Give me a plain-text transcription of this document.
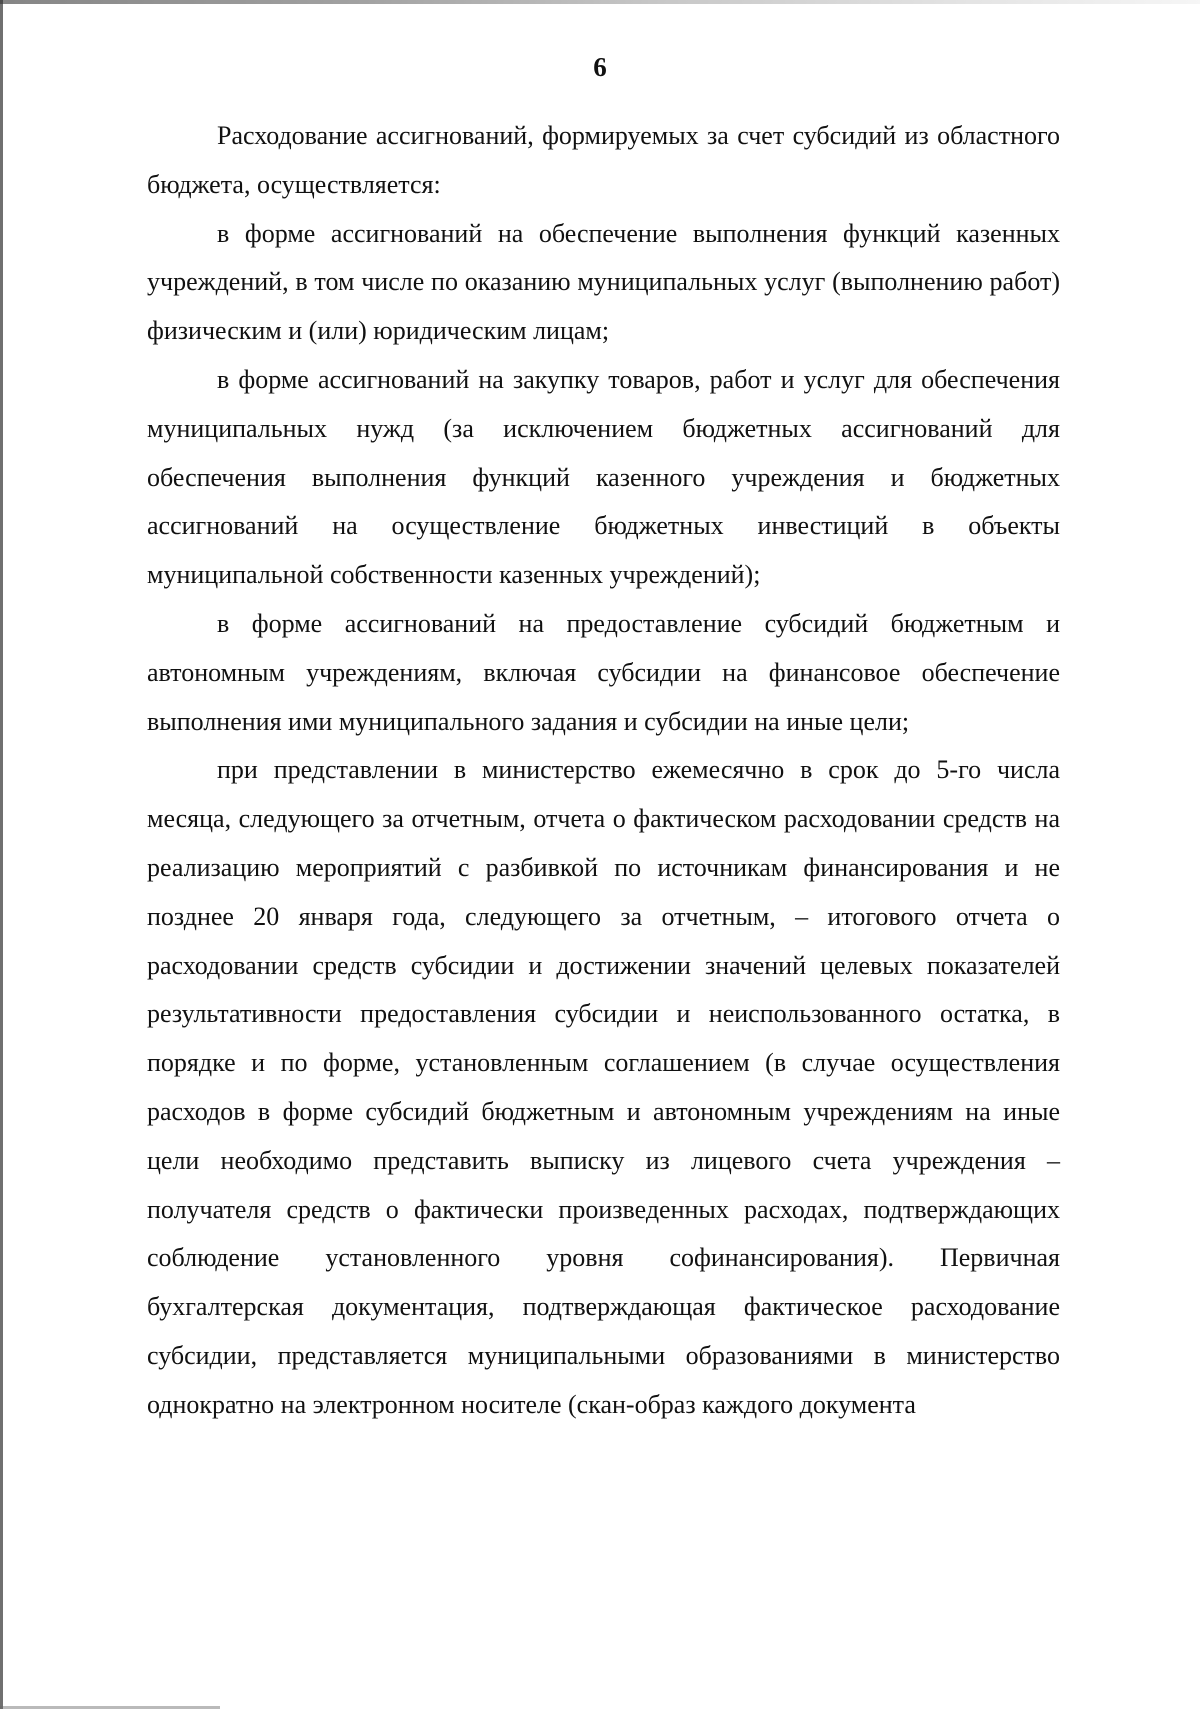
6

Расходование ассигнований, формируемых за счет субсидий из областного бюджета, осуществляется:

в форме ассигнований на обеспечение выполнения функций казенных учреждений, в том числе по оказанию муниципальных услуг (выполнению работ) физическим и (или) юридическим лицам;

в форме ассигнований на закупку товаров, работ и услуг для обеспечения муниципальных нужд (за исключением бюджетных ассигнований для обеспечения выполнения функций казенного учреждения и бюджетных ассигнований на осуществление бюджетных инвестиций в объекты муниципальной собственности казенных учреждений);

в форме ассигнований на предоставление субсидий бюджетным и автономным учреждениям, включая субсидии на финансовое обеспечение выполнения ими муниципального задания и субсидии на иные цели;

при представлении в министерство ежемесячно в срок до 5-го числа месяца, следующего за отчетным, отчета о фактическом расходовании средств на реализацию мероприятий с разбивкой по источникам финансирования и не позднее 20 января года, следующего за отчетным, – итогового отчета о расходовании средств субсидии и достижении значений целевых показателей результативности предоставления субсидии и неиспользованного остатка, в порядке и по форме, установленным соглашением (в случае осуществления расходов в форме субсидий бюджетным и автономным учреждениям на иные цели необходимо представить выписку из лицевого счета учреждения – получателя средств о фактически произведенных расходах, подтверждающих соблюдение установленного уровня софинансирования). Первичная бухгалтерская документация, подтверждающая фактическое расходование субсидии, представляется муниципальными образованиями в министерство однократно на электронном носителе (скан-образ каждого документа
